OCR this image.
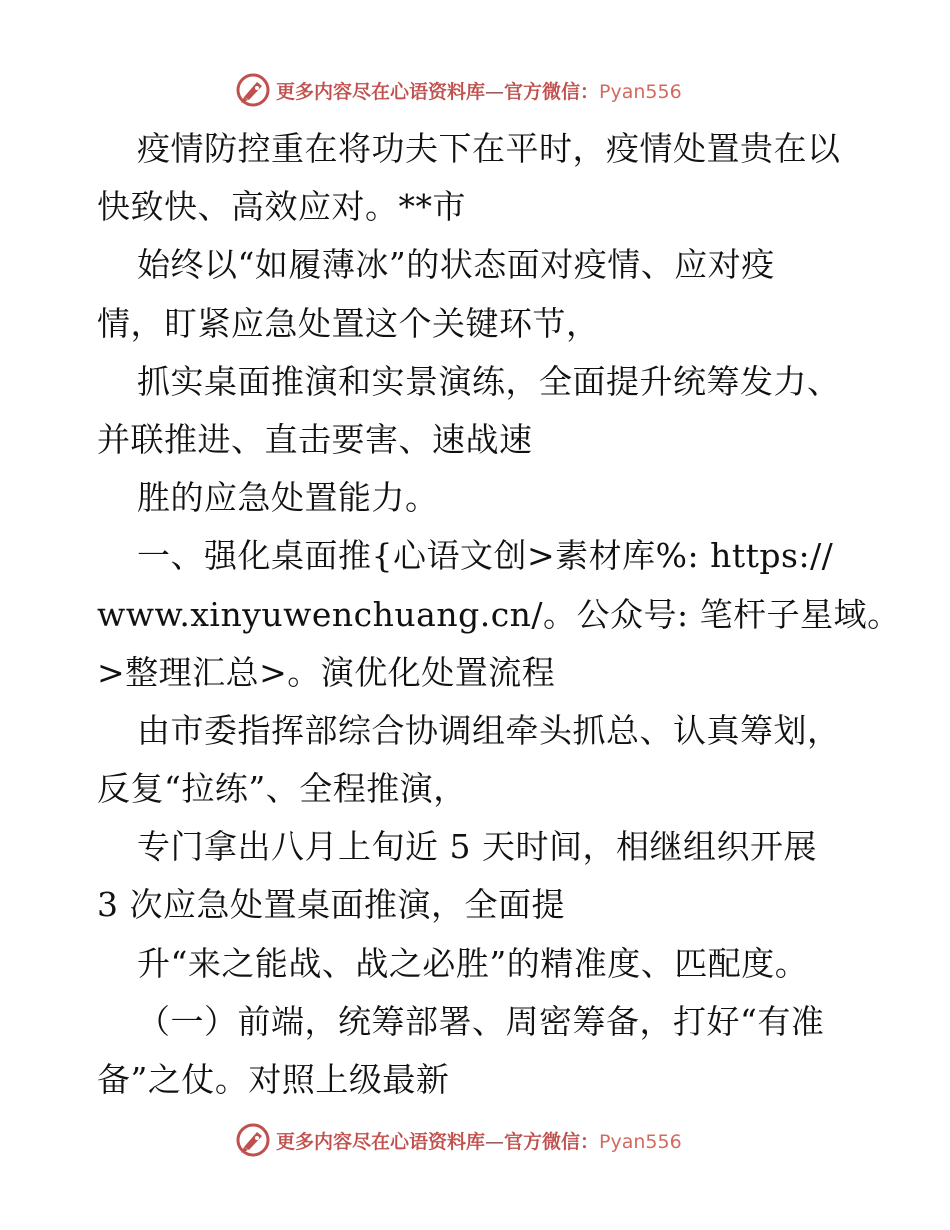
更多内容尽在心语资料库—官方微信：Pyan556
疫情防控重在将功夫下在平时，疫情处置贵在以
快致快、高效应对。**市
始终以“如履薄冰”的状态面对疫情、应对疫
情，盯紧应急处置这个关键环节，
抓实桌面推演和实景演练，全面提升统筹发力、
并联推进、直击要害、速战速
胜的应急处置能力。
一、强化桌面推{心语文创>素材库%: https://
www.xinyuwenchuang.cn/。公众号: 笔杆子星域。
>整理汇总>。演优化处置流程
由市委指挥部综合协调组牵头抓总、认真筹划，
反复“拉练”、全程推演，
专门拿出八月上旬近 5 天时间，相继组织开展
3 次应急处置桌面推演，全面提
升“来之能战、战之必胜”的精准度、匹配度。
（一）前端，统筹部署、周密筹备，打好“有准
备”之仗。对照上级最新
更多内容尽在心语资料库—官方微信：Pyan556
